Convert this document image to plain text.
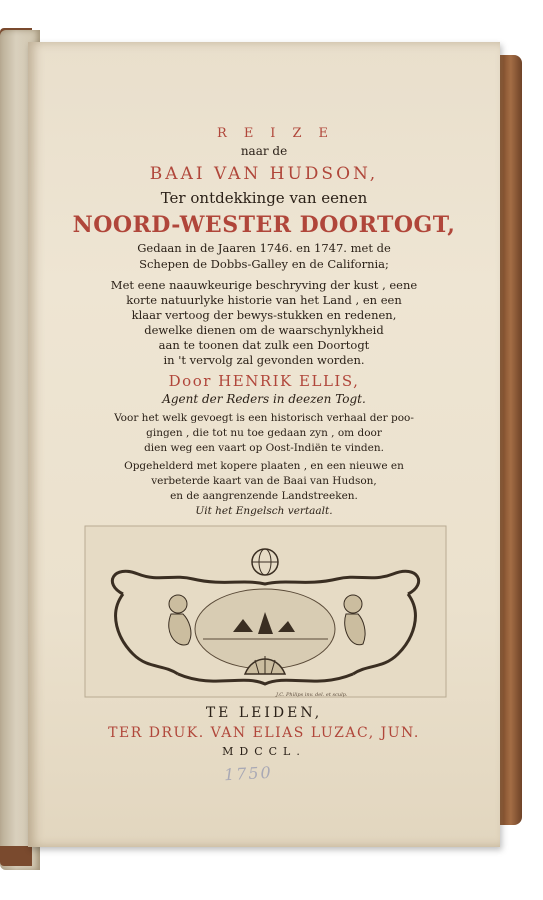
REIZE
naar de
BAAI VAN HUDSON,
Ter ontdekkinge van eenen
NOORD-WESTER DOORTOGT,
Gedaan in de Jaaren 1746. en 1747. met de
Schepen de Dobbs-Galley en de California;
Met eene naauwkeurige beschryving der kust , eene
korte natuurlyke historie van het Land , en een
klaar vertoog der bewys-stukken en redenen,
dewelke dienen om de waarschynlykheid
aan te toonen dat zulk een Doortogt
in 't vervolg zal gevonden worden.
Door HENRIK ELLIS,
Agent der Reders in deezen Togt.
Voor het welk gevoegt is een historisch verhaal der poo-
gingen , die tot nu toe gedaan zyn , om door
dien weg een vaart op Oost-Indiën te vinden.
Opgehelderd met kopere plaaten , en een nieuwe en
verbeterde kaart van de Baai van Hudson,
en de aangrenzende Landstreeken.
Uit het Engelsch vertaalt.
J.C. Philips inv. del. et sculp.
TE LEIDEN,
TER DRUK. VAN ELIAS LUZAC, JUN.
MDCCL.
1750
